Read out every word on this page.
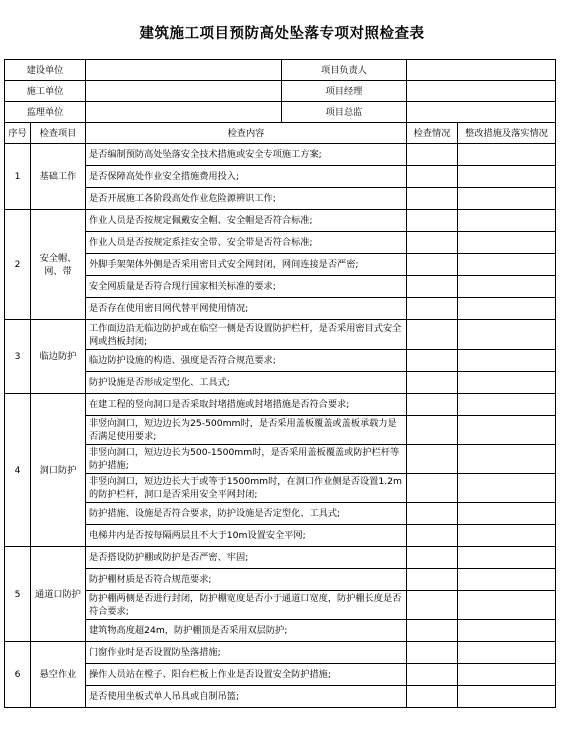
建筑施工项目预防高处坠落专项对照检查表
建设单位			项目负责人		
施工单位			项目经理		
监理单位			项目总监		
序号	检查项目	检查内容		检查情况	整改措施及落实情况
1	基础工作	是否编制预防高处坠落安全技术措施或安全专项施工方案;			
		是否保障高处作业安全措施费用投入;			
		是否开展施工各阶段高处作业危险源辨识工作;			
2	安全帽、网、带	作业人员是否按规定佩戴安全帽、安全帽是否符合标准;			
		作业人员是否按规定系挂安全带、安全带是否符合标准;			
		外脚手架架体外侧是否采用密目式安全网封闭，网间连接是否严密;			
		安全网质量是否符合现行国家相关标准的要求;			
		是否存在使用密目网代替平网使用情况;			
3	临边防护	工作面边沿无临边防护或在临空一侧是否设置防护栏杆，是否采用密目式安全网或挡板封闭;			
		临边防护设施的构造、强度是否符合规范要求;			
		防护设施是否形成定型化、工具式;			
4	洞口防护	在建工程的竖向洞口是否采取封堵措施或封堵措施是否符合要求;			
		非竖向洞口，短边边长为25-500mm时，是否采用盖板覆盖或盖板承载力是否满足使用要求;			
		非竖向洞口，短边边长为500-1500mm时，是否采用盖板覆盖或防护栏杆等防护措施;			
		非竖向洞口，短边边长大于或等于1500mm时，在洞口作业侧是否设置1.2m的防护栏杆，洞口是否采用安全平网封闭;			
		防护措施、设施是否符合要求，防护设施是否定型化、工具式;			
		电梯井内是否按每隔两层且不大于10m设置安全平网;			
5	通道口防护	是否搭设防护棚或防护是否严密、牢固;			
		防护棚材质是否符合规范要求;			
		防护棚两侧是否进行封闭，防护棚宽度是否小于通道口宽度，防护棚长度是否符合要求;			
		建筑物高度超24m，防护棚顶是否采用双层防护;			
6	悬空作业	门窗作业时是否设置防坠落措施;			
		操作人员站在樘子、阳台栏板上作业是否设置安全防护措施;			
		是否使用坐板式单人吊具或自制吊篮;			
